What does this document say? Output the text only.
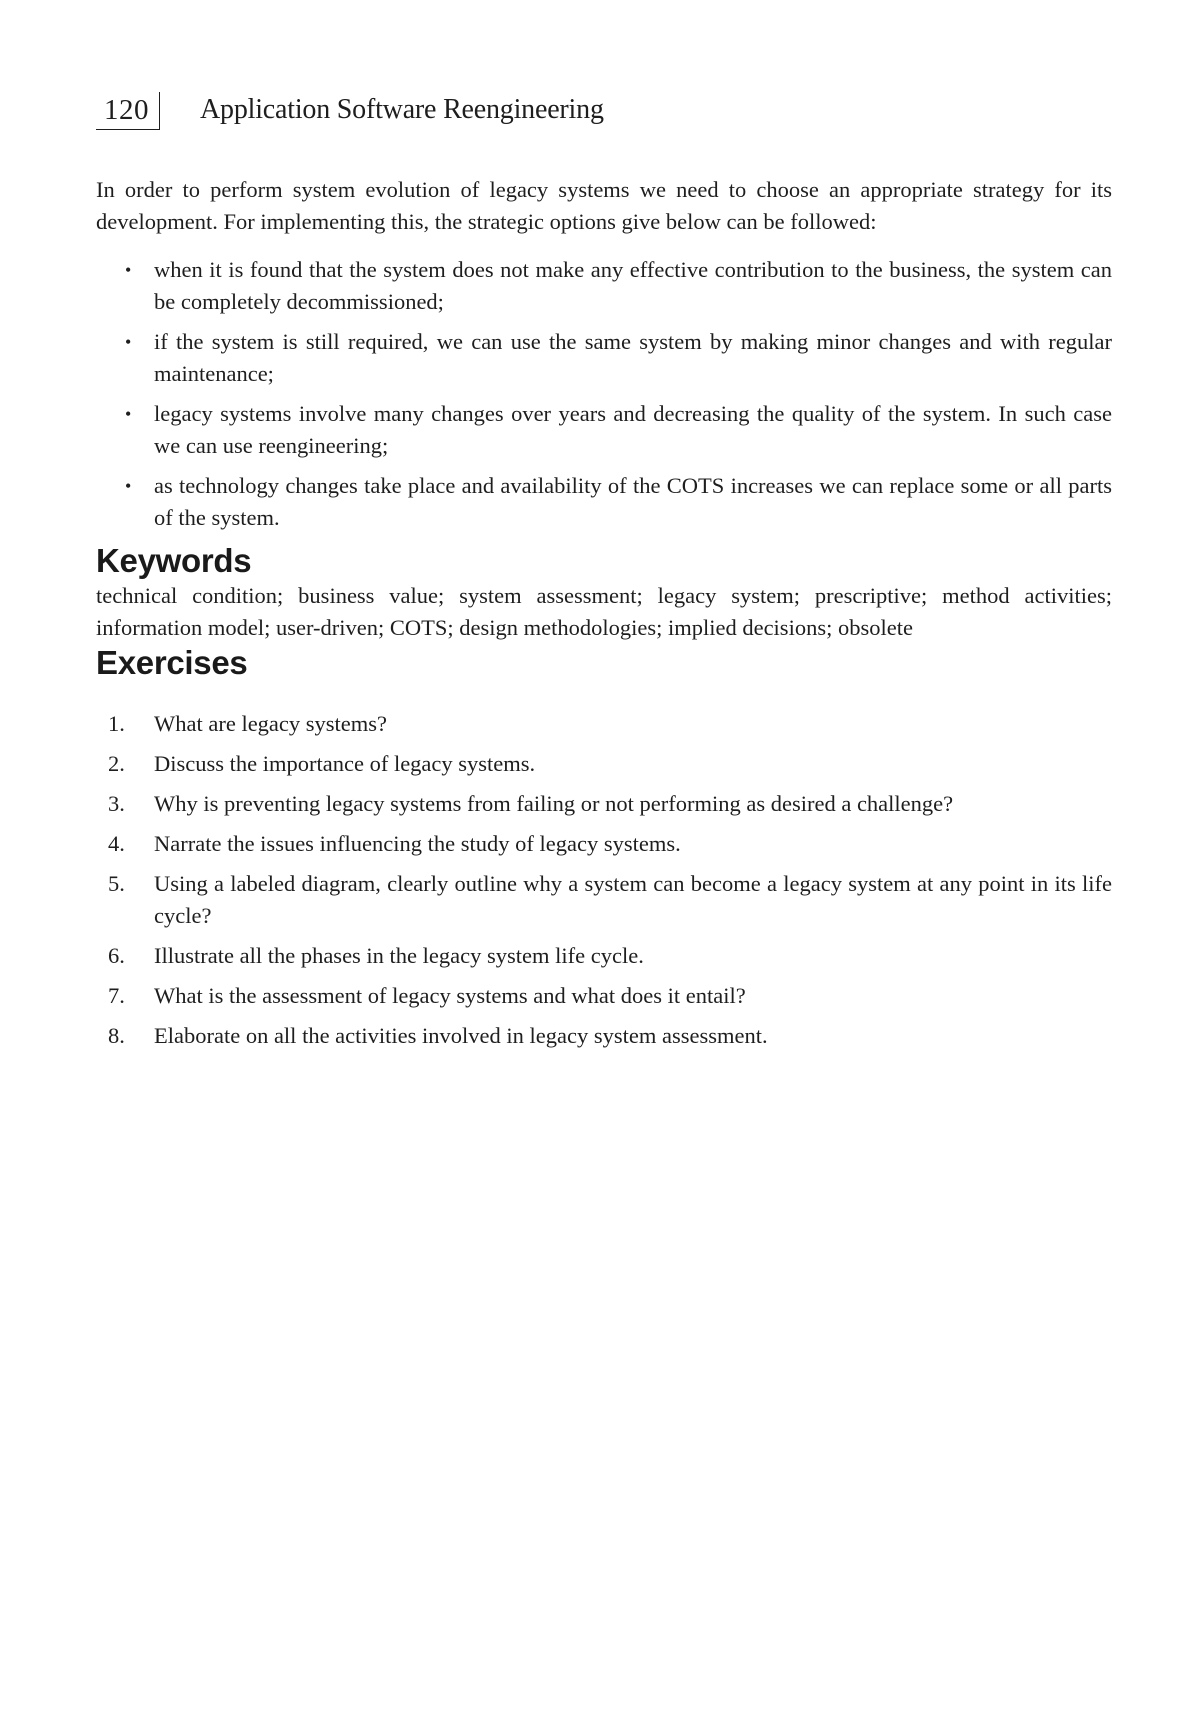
120	Application Software Reengineering

In order to perform system evolution of legacy systems we need to choose an appropriate strategy for its development. For implementing this, the strategic options give below can be followed:

• when it is found that the system does not make any effective contribution to the business, the system can be completely decommissioned;
• if the system is still required, we can use the same system by making minor changes and with regular maintenance;
• legacy systems involve many changes over years and decreasing the quality of the system. In such case we can use reengineering;
• as technology changes take place and availability of the COTS increases we can replace some or all parts of the system.
Keywords

technical condition; business value; system assessment; legacy system; prescriptive; method activities; information model; user-driven; COTS; design methodologies; implied decisions; obsolete

Exercises
1. What are legacy systems?
2. Discuss the importance of legacy systems.
3. Why is preventing legacy systems from failing or not performing as desired a challenge?
4. Narrate the issues influencing the study of legacy systems.
5. Using a labeled diagram, clearly outline why a system can become a legacy system at any point in its life cycle?
6. Illustrate all the phases in the legacy system life cycle.
7. What is the assessment of legacy systems and what does it entail?
8. Elaborate on all the activities involved in legacy system assessment.
